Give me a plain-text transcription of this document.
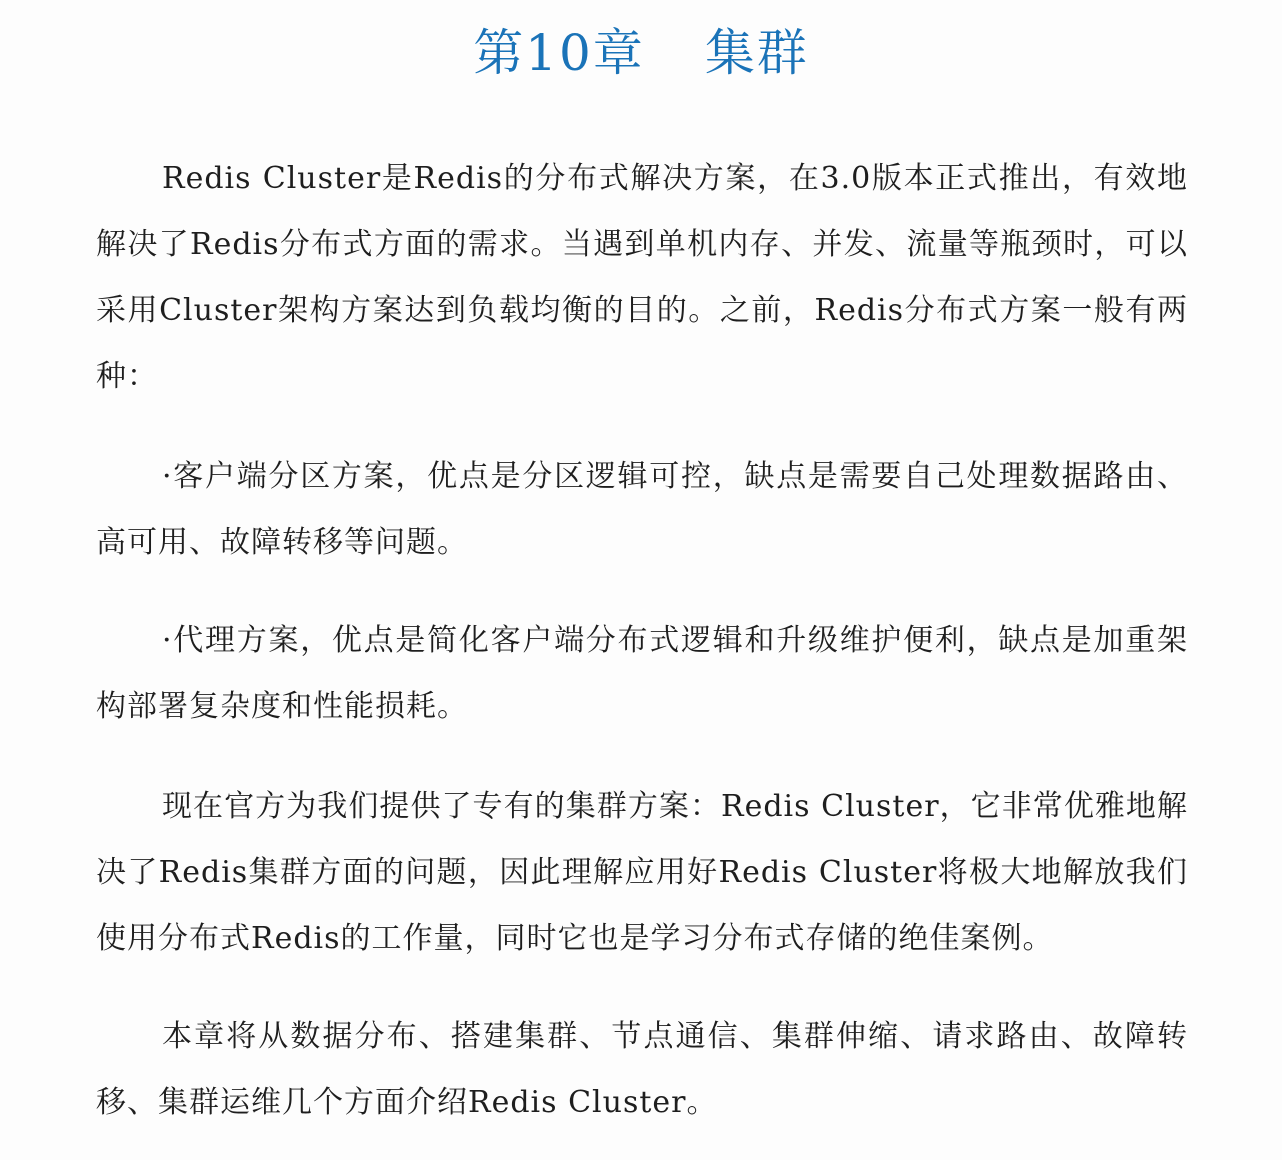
第10章 集群

Redis Cluster是Redis的分布式解决方案，在3.0版本正式推出，有效地解决了Redis分布式方面的需求。当遇到单机内存、并发、流量等瓶颈时，可以采用Cluster架构方案达到负载均衡的目的。之前，Redis分布式方案一般有两种：

·客户端分区方案，优点是分区逻辑可控，缺点是需要自己处理数据路由、高可用、故障转移等问题。

·代理方案，优点是简化客户端分布式逻辑和升级维护便利，缺点是加重架构部署复杂度和性能损耗。

现在官方为我们提供了专有的集群方案：Redis Cluster，它非常优雅地解决了Redis集群方面的问题，因此理解应用好Redis Cluster将极大地解放我们使用分布式Redis的工作量，同时它也是学习分布式存储的绝佳案例。

本章将从数据分布、搭建集群、节点通信、集群伸缩、请求路由、故障转移、集群运维几个方面介绍Redis Cluster。
